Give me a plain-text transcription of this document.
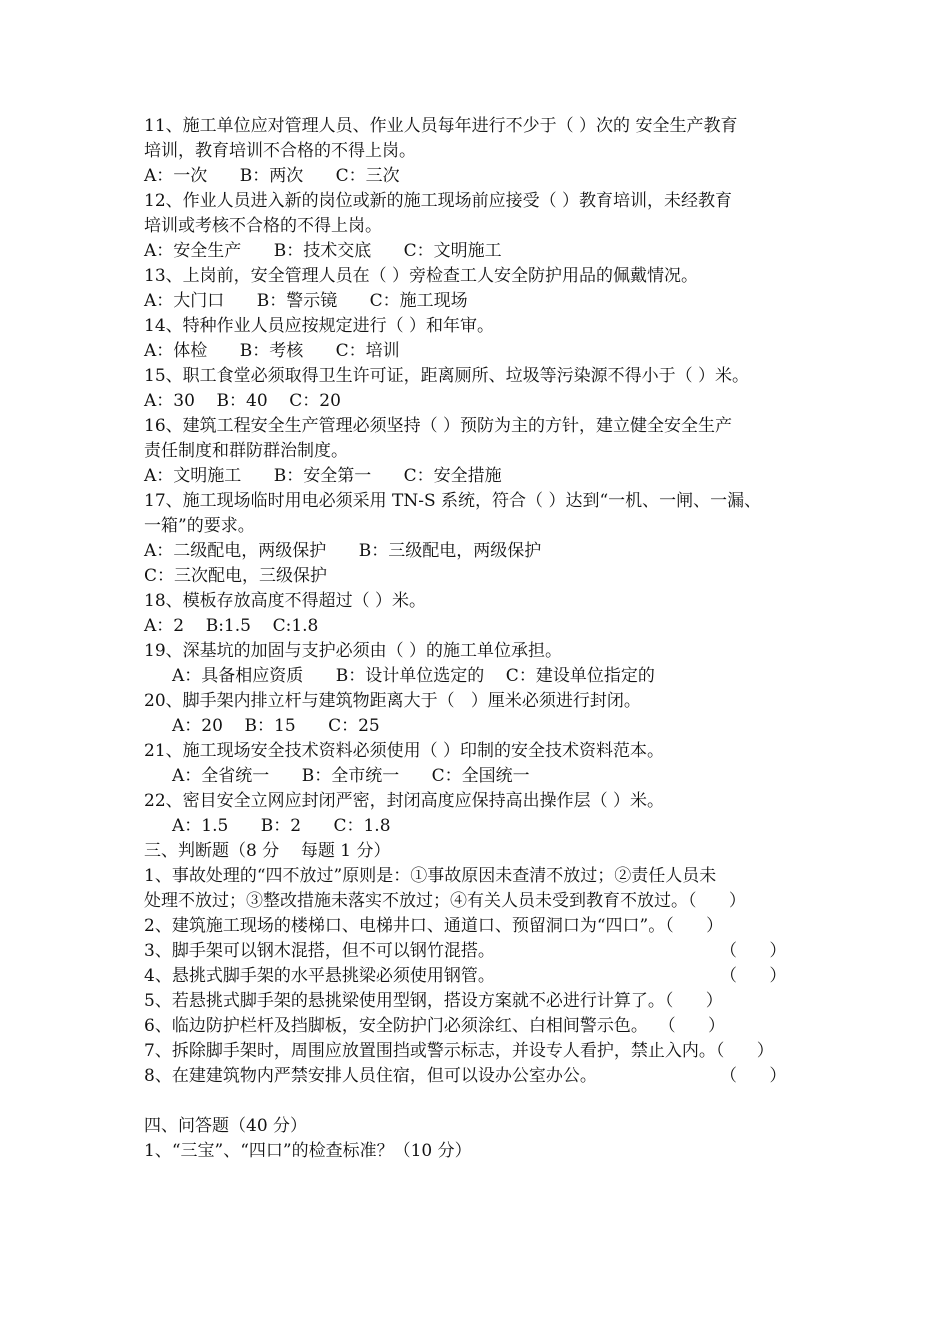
11、施工单位应对管理人员、作业人员每年进行不少于（ ）次的 安全生产教育
培训，教育培训不合格的不得上岗。
A：一次      B：两次      C：三次
12、作业人员进入新的岗位或新的施工现场前应接受（ ）教育培训，未经教育
培训或考核不合格的不得上岗。
A：安全生产      B：技术交底      C：文明施工
13、上岗前，安全管理人员在（ ）旁检查工人安全防护用品的佩戴情况。
A：大门口      B：警示镜      C：施工现场
14、特种作业人员应按规定进行（ ）和年审。
A：体检      B：考核      C：培训
15、职工食堂必须取得卫生许可证，距离厕所、垃圾等污染源不得小于（ ）米。
A：30    B：40    C：20
16、建筑工程安全生产管理必须坚持（ ）预防为主的方针，建立健全安全生产
责任制度和群防群治制度。
A：文明施工      B：安全第一      C：安全措施
17、施工现场临时用电必须采用 TN-S 系统，符合（ ）达到“一机、一闸、一漏、
一箱”的要求。
A：二级配电，两级保护      B：三级配电，两级保护
C：三次配电，三级保护
18、模板存放高度不得超过（ ）米。
A：2    B:1.5    C:1.8
19、深基坑的加固与支护必须由（ ）的施工单位承担。
A：具备相应资质      B：设计单位选定的    C：建设单位指定的
20、脚手架内排立杆与建筑物距离大于（   ）厘米必须进行封闭。
A：20    B：15      C：25
21、施工现场安全技术资料必须使用（ ）印制的安全技术资料范本。
A：全省统一      B：全市统一      C：全国统一
22、密目安全立网应封闭严密，封闭高度应保持高出操作层（ ）米。
A：1.5      B：2      C：1.8
三、判断题（8 分    每题 1 分）
1、事故处理的“四不放过”原则是：①事故原因未查清不放过；②责任人员未
处理不放过；③整改措施未落实不放过；④有关人员未受到教育不放过。（      ）
2、建筑施工现场的楼梯口、电梯井口、通道口、预留洞口为“四口”。（      ）
3、脚手架可以钢木混搭，但不可以钢竹混搭。	（      ）
4、悬挑式脚手架的水平悬挑梁必须使用钢管。	（      ）
5、若悬挑式脚手架的悬挑梁使用型钢，搭设方案就不必进行计算了。（      ）
6、临边防护栏杆及挡脚板，安全防护门必须涂红、白相间警示色。  （      ）
7、拆除脚手架时，周围应放置围挡或警示标志，并设专人看护，禁止入内。（      ）
8、在建建筑物内严禁安排人员住宿，但可以设办公室办公。	（      ）
四、问答题（40 分）
1、“三宝”、“四口”的检查标准？（10 分）
